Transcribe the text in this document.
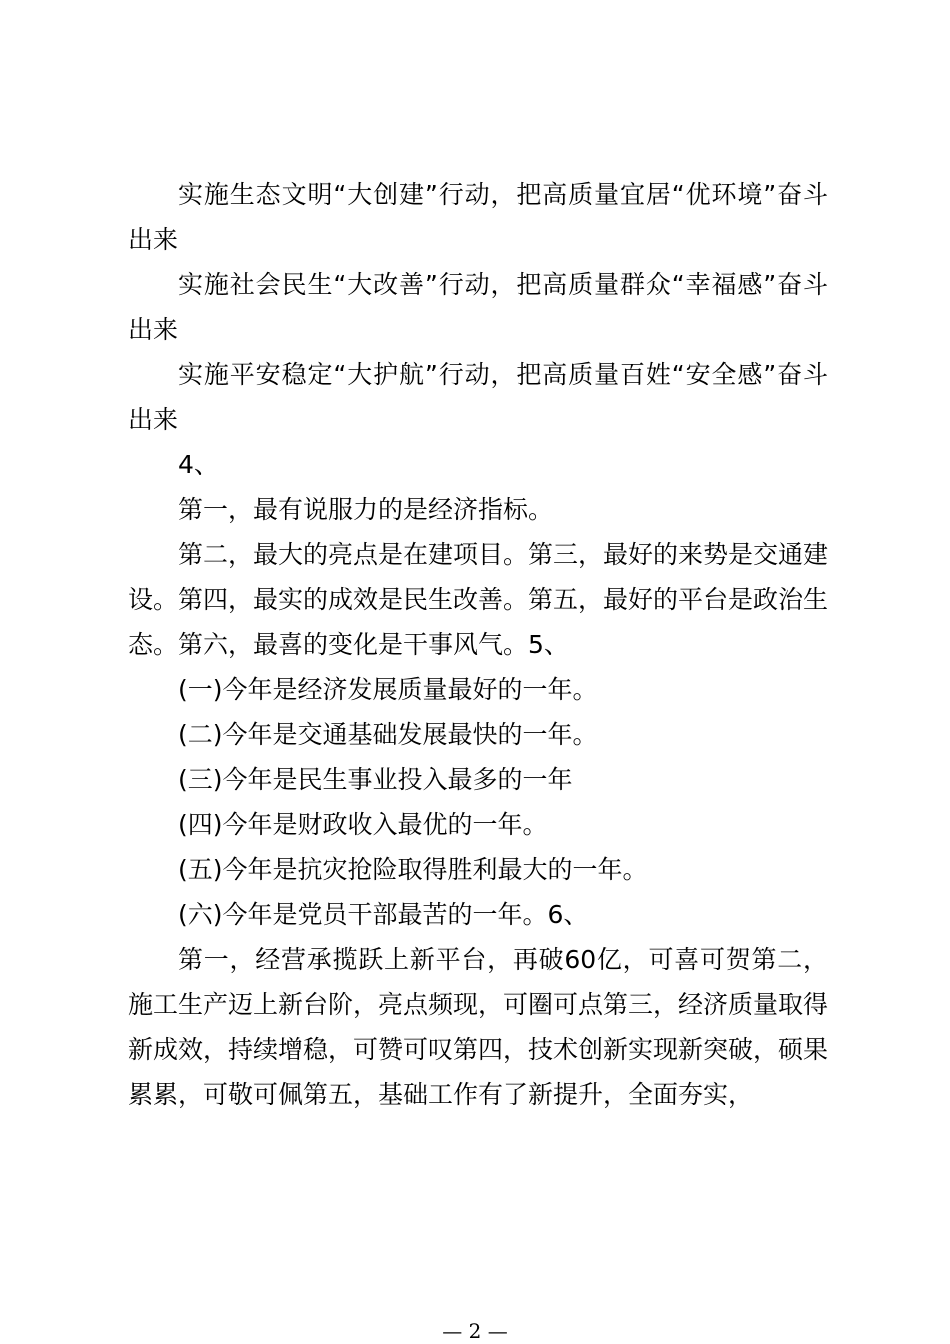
实施生态文明“大创建”行动，把高质量宜居“优环境”奋斗出来

实施社会民生“大改善”行动，把高质量群众“幸福感”奋斗出来

实施平安稳定“大护航”行动，把高质量百姓“安全感”奋斗出来

4、

第一，最有说服力的是经济指标。

第二，最大的亮点是在建项目。第三，最好的来势是交通建设。第四，最实的成效是民生改善。第五，最好的平台是政治生态。第六，最喜的变化是干事风气。5、

(一)今年是经济发展质量最好的一年。

(二)今年是交通基础发展最快的一年。

(三)今年是民生事业投入最多的一年

(四)今年是财政收入最优的一年。

(五)今年是抗灾抢险取得胜利最大的一年。

(六)今年是党员干部最苦的一年。6、

第一，经营承揽跃上新平台，再破60亿，可喜可贺第二，施工生产迈上新台阶，亮点频现，可圈可点第三，经济质量取得新成效，持续增稳，可赞可叹第四，技术创新实现新突破，硕果累累，可敬可佩第五，基础工作有了新提升，全面夯实，

— 2 —
